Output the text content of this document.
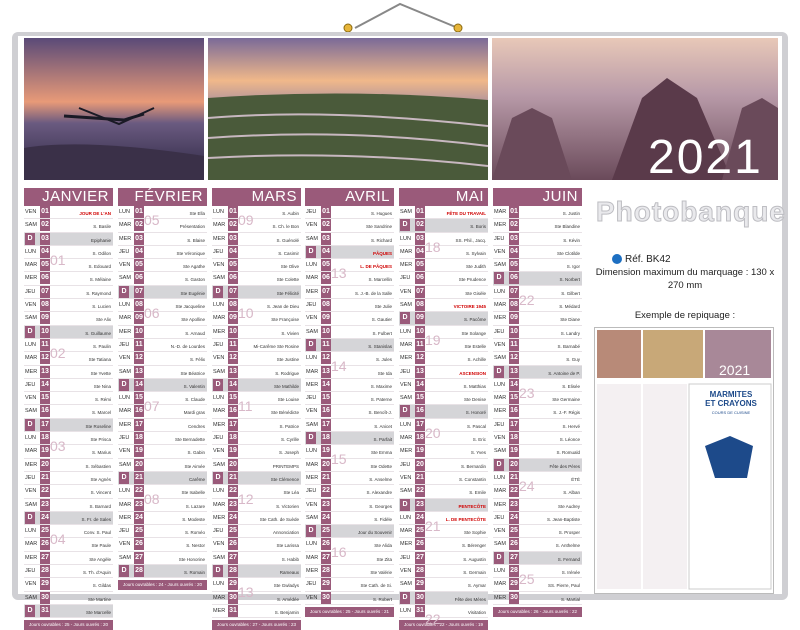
2021
JANVIER
VEN 01	JOUR DE L'AN
SAM 02	S. Basile
D	03	Epiphanie
LUN 04	S. Odilon
01
MAR 05	S. Edouard
MER 06	S. Mélaine
JEU 07	S. Raymond
VEN 08	S. Lucien
SAM 09	Ste Alix
D	10	S. Guillaume
LUN 11	S. Paulin
02
MAR 12	Ste Tatiana
MER 13	Ste Yvette
JEU 14	Ste Nina
VEN 15	S. Rémi
SAM 16	S. Marcel
D	17	Ste Roseline
LUN 18	Ste Prisca
03
MAR 19	S. Marius
MER 20	S. Sébastien
JEU 21	Ste Agnès
VEN 22	S. Vincent
SAM 23	S. Barnard
D	24	S. Fr. de Sales
LUN 25	Conv. S. Paul
04
MAR 26	Ste Paule
MER 27	Ste Angèle
JEU 28	S. Th. d'Aquin
VEN 29	S. Gildas
SAM 30	Ste Martine
D	31	Ste Marcelle
Jours ouvrables : 25 - Jours ouvrés : 20
FÉVRIER
LUN 01	Ste Ella
05
MAR 02	Présentation
MER 03	S. Blaise
JEU 04	Ste Véronique
VEN 05	Ste Agathe
SAM 06	S. Gaston
D	07	Ste Eugénie
LUN 08	Ste Jacqueline
06
MAR 09	Ste Apolline
MER 10	S. Arnaud
JEU 11	N.-D. de Lourdes
VEN 12	S. Félix
SAM 13	Ste Béatrice
D	14	S. Valentin
LUN 15	S. Claude
07
MAR 16	Mardi gras
MER 17	Cendres
JEU 18	Ste Bernadette
VEN 19	S. Gabin
SAM 20	Ste Aimée
D	21	Carême
LUN 22	Ste Isabelle
08
MAR 23	S. Lazare
MER 24	S. Modeste
JEU 25	S. Roméo
VEN 26	S. Nestor
SAM 27	Ste Honorine
D	28	S. Romain
Jours ouvrables : 24 - Jours ouvrés : 20
MARS
LUN 01	S. Aubin
09
MAR 02	S. Ch. le Bon
MER 03	S. Guénolé
JEU 04	S. Casimir
VEN 05	Ste Olive
SAM 06	Ste Colette
D	07	Ste Félicité
LUN 08	S. Jean de Dieu
10
MAR 09	Ste Françoise
MER 10	S. Vivien
JEU 11	Mi-Carême Ste Rosine
VEN 12	Ste Justine
SAM 13	S. Rodrigue
D	14	Ste Mathilde
LUN 15	Ste Louise
11
MAR 16	Ste Bénédicte
MER 17	S. Patrice
JEU 18	S. Cyrille
VEN 19	S. Joseph
SAM 20	PRINTEMPS
D	21	Ste Clémence
LUN 22	Ste Léa
12
MAR 23	S. Victorien
MER 24	Ste Cath. de Suède
JEU 25	Annonciation
VEN 26	Ste Larissa
SAM 27	S. Habib
D	28	Rameaux
LUN 29	Ste Gwladys
13
MAR 30	S. Amédée
MER 31	S. Benjamin
Jours ouvrables : 27 - Jours ouvrés : 23
AVRIL
JEU 01	S. Hugues
VEN 02	Ste Sandrine
SAM 03	S. Richard
D	04	PÂQUES
LUN 05	L. DE PÂQUES
13
MAR 06	S. Marcellin
MER 07	S. J.-B. de la Salle
JEU 08	Ste Julie
VEN 09	S. Gautier
SAM 10	S. Fulbert
D	11	S. Stanislas
LUN 12	S. Jules
14
MAR 13	Ste Ida
MER 14	S. Maxime
JEU 15	S. Paterne
VEN 16	S. Benoît-J.
SAM 17	S. Anicet
D	18	S. Parfait
LUN 19	Ste Emma
15
MAR 20	Ste Odette
MER 21	S. Anselme
JEU 22	S. Alexandre
VEN 23	S. Georges
SAM 24	S. Fidèle
D	25	Jour du Souvenir
LUN 26	Ste Alida
16
MAR 27	Ste Zita
MER 28	Ste Valérie
JEU 29	Ste Cath. de Si.
VEN 30	S. Robert
Jours ouvrables : 25 - Jours ouvrés : 21
MAI
SAM 01	FÊTE DU TRAVAIL
D	02	S. Boris
LUN 03	SS. Phil., Jacq.
18
MAR 04	S. Sylvain
MER 05	Ste Judith
JEU 06	Ste Prudence
VEN 07	Ste Gisèle
SAM 08	VICTOIRE 1945
D	09	S. Pacôme
LUN 10	Ste Solange
19
MAR 11	Ste Estelle
MER 12	S. Achille
JEU 13	ASCENSION
VEN 14	S. Matthias
SAM 15	Ste Denise
D	16	S. Honoré
LUN 17	S. Pascal
20
MAR 18	S. Eric
MER 19	S. Yves
JEU 20	S. Bernardin
VEN 21	S. Constantin
SAM 22	S. Emile
D	23	PENTECÔTE
LUN 24	L. DE PENTECÔTE
21
MAR 25	Ste Sophie
MER 26	S. Bérenger
JEU 27	S. Augustin
VEN 28	S. Germain
SAM 29	S. Aymar
D	30	Fête des Mères
LUN 31	Visitation
22
Jours ouvrables : 22 - Jours ouvrés : 19
JUIN
MAR 01	S. Justin
MER 02	Ste Blandine
JEU 03	S. Kévin
VEN 04	Ste Clotilde
SAM 05	S. Igor
D	06	S. Norbert
LUN 07	S. Gilbert
22
MAR 08	S. Médard
MER 09	Ste Diane
JEU 10	S. Landry
VEN 11	S. Barnabé
SAM 12	S. Guy
D	13	S. Antoine de P.
LUN 14	S. Elisée
23
MAR 15	Ste Germaine
MER 16	S. J.-F. Régis
JEU 17	S. Hervé
VEN 18	S. Léonce
SAM 19	S. Romuald
D	20	Fête des Pères
LUN 21	ÉTÉ
24
MAR 22	S. Alban
MER 23	Ste Audrey
JEU 24	S. Jean-Baptiste
VEN 25	S. Prosper
SAM 26	S. Anthelme
D	27	S. Fernand
LUN 28	S. Irénée
25
MAR 29	SS. Pierre, Paul
MER 30	S. Martial
Jours ouvrables : 26 - Jours ouvrés : 22
Photobanque
Réf. BK42
Dimension maximum du marquage : 130 x 270 mm
Exemple de repiquage :
2021
MARMITES
ET CRAYONS
COURS DE CUISINE
